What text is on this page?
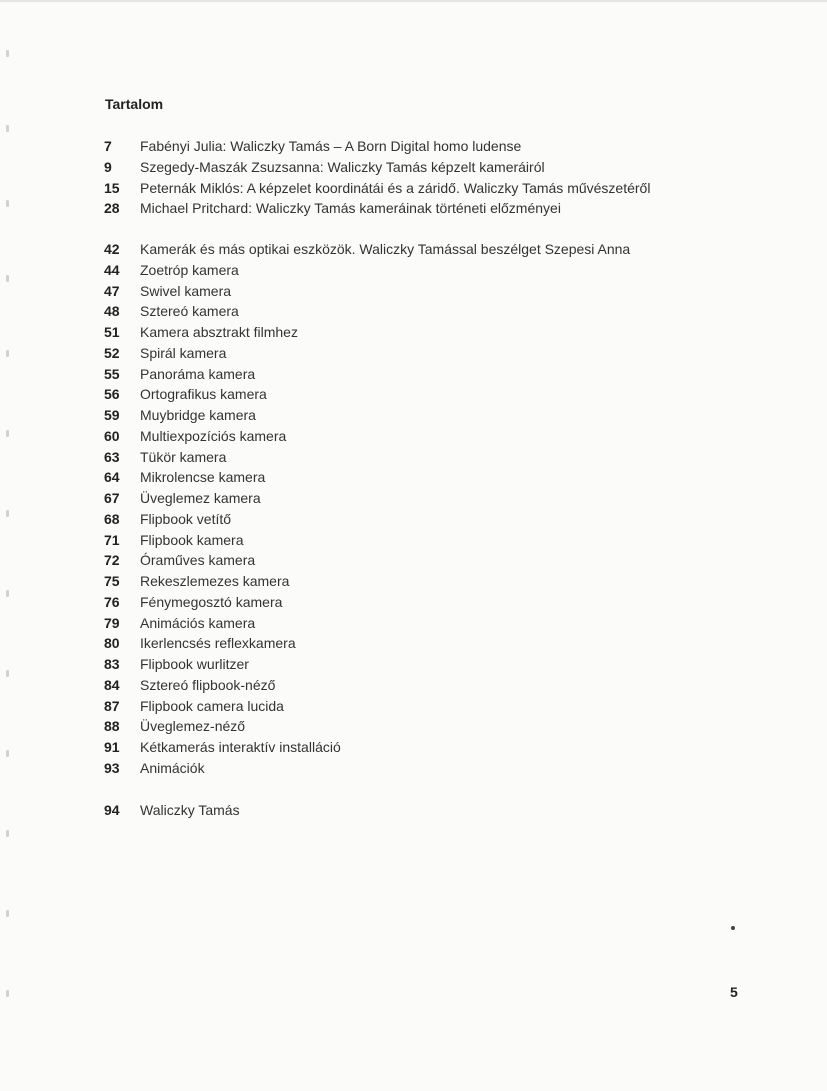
Tartalom
7	Fabényi Julia: Waliczky Tamás – A Born Digital homo ludense
9	Szegedy-Maszák Zsuzsanna: Waliczky Tamás képzelt kameráiról
15	Peternák Miklós: A képzelet koordinátái és a záridő. Waliczky Tamás művészetéről
28	Michael Pritchard: Waliczky Tamás kameráinak történeti előzményei
42	Kamerák és más optikai eszközök. Waliczky Tamással beszélget Szepesi Anna
44	Zoetróp kamera
47	Swivel kamera
48	Sztereó kamera
51	Kamera absztrakt filmhez
52	Spirál kamera
55	Panoráma kamera
56	Ortografikus kamera
59	Muybridge kamera
60	Multiexpozíciós kamera
63	Tükör kamera
64	Mikrolencse kamera
67	Üveglemez kamera
68	Flipbook vetítő
71	Flipbook kamera
72	Óraműves kamera
75	Rekeszlemezes kamera
76	Fénymegosztó kamera
79	Animációs kamera
80	Ikerlencsés reflexkamera
83	Flipbook wurlitzer
84	Sztereó flipbook-néző
87	Flipbook camera lucida
88	Üveglemez-néző
91	Kétkamerás interaktív installáció
93	Animációk
94	Waliczky Tamás
5
